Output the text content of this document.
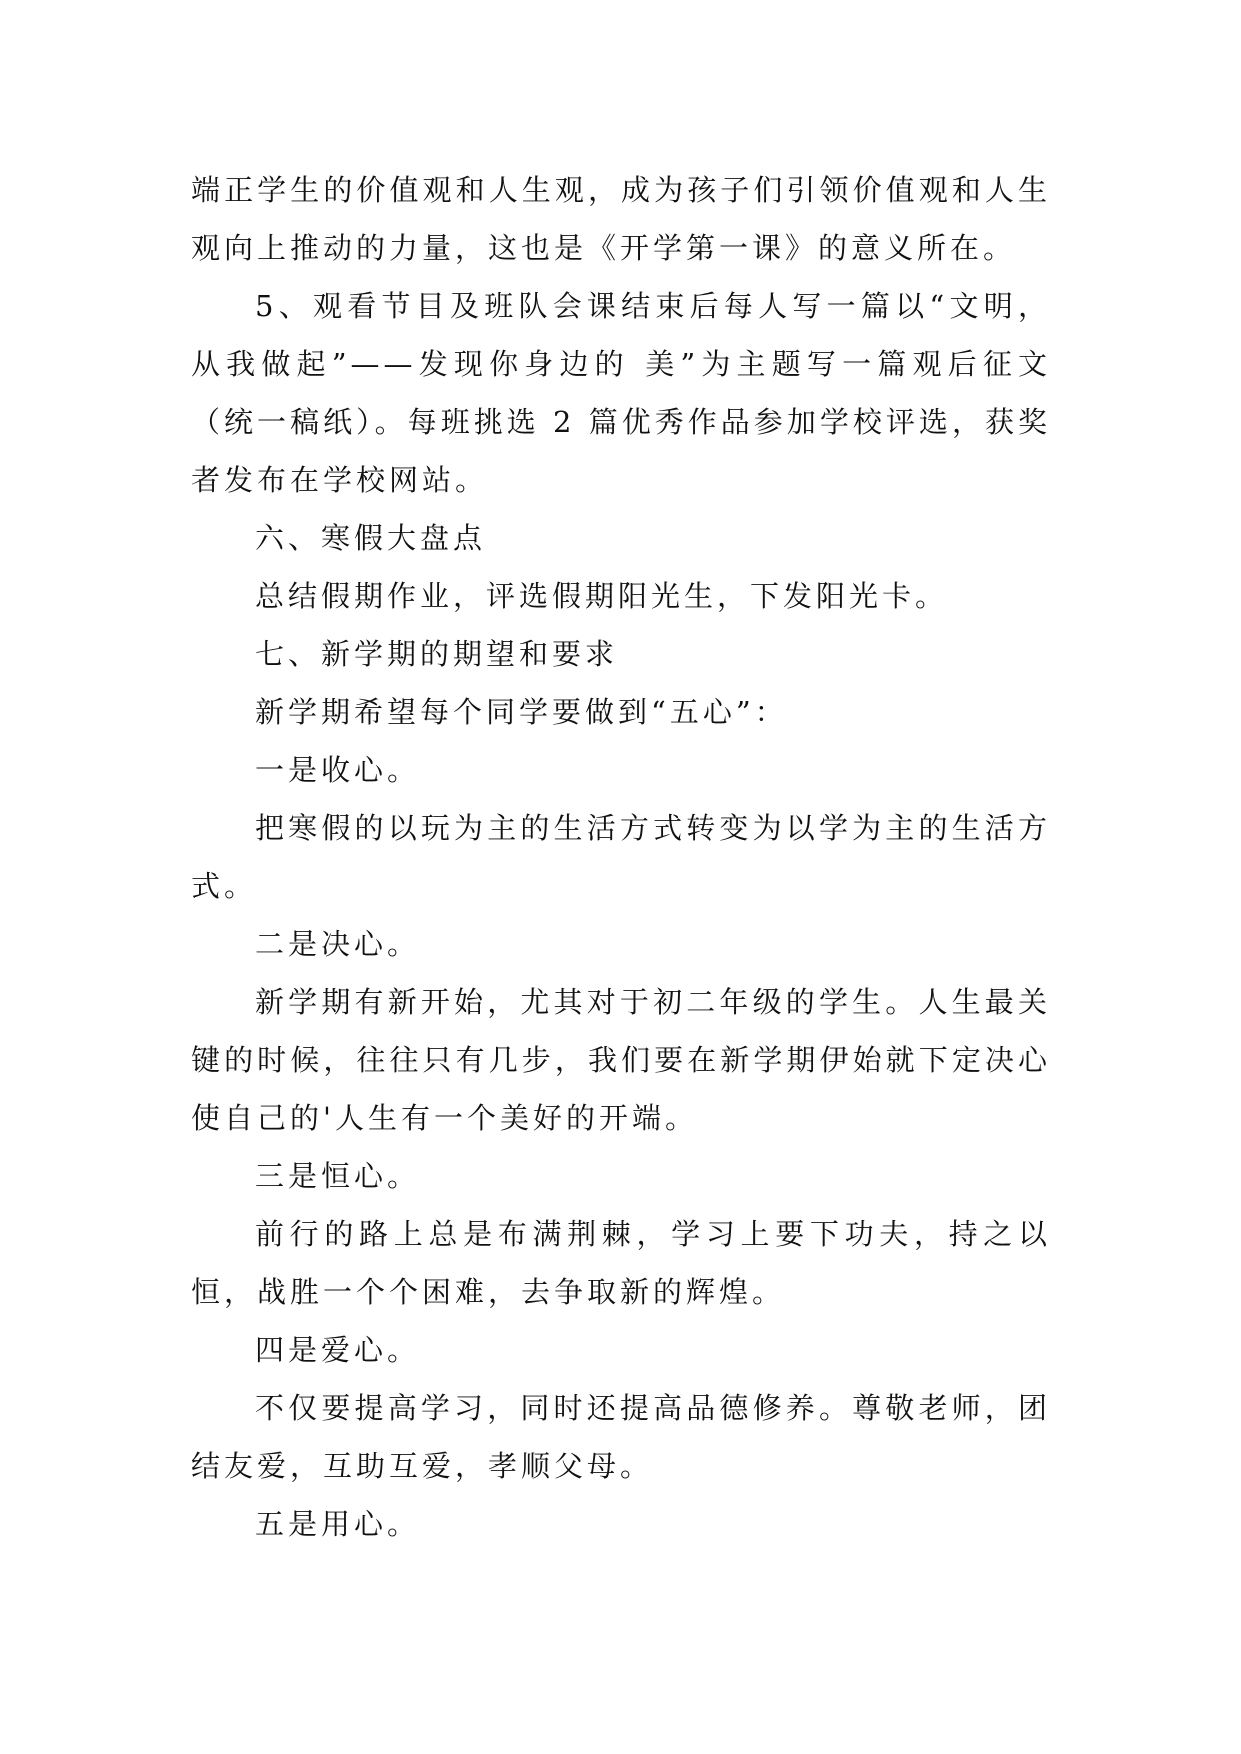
端正学生的价值观和人生观，成为孩子们引领价值观和人生观向上推动的力量，这也是《开学第一课》的意义所在。

5、观看节目及班队会课结束后每人写一篇以“文明，从我做起”——发现你身边的 美”为主题写一篇观后征文（统一稿纸）。每班挑选 2 篇优秀作品参加学校评选，获奖者发布在学校网站。

六、寒假大盘点

总结假期作业，评选假期阳光生，下发阳光卡。

七、新学期的期望和要求

新学期希望每个同学要做到“五心”：

一是收心。

把寒假的以玩为主的生活方式转变为以学为主的生活方式。

二是决心。

新学期有新开始，尤其对于初二年级的学生。人生最关键的时候，往往只有几步，我们要在新学期伊始就下定决心使自己的'人生有一个美好的开端。

三是恒心。

前行的路上总是布满荆棘，学习上要下功夫，持之以恒，战胜一个个困难，去争取新的辉煌。

四是爱心。

不仅要提高学习，同时还提高品德修养。尊敬老师，团结友爱，互助互爱，孝顺父母。

五是用心。
